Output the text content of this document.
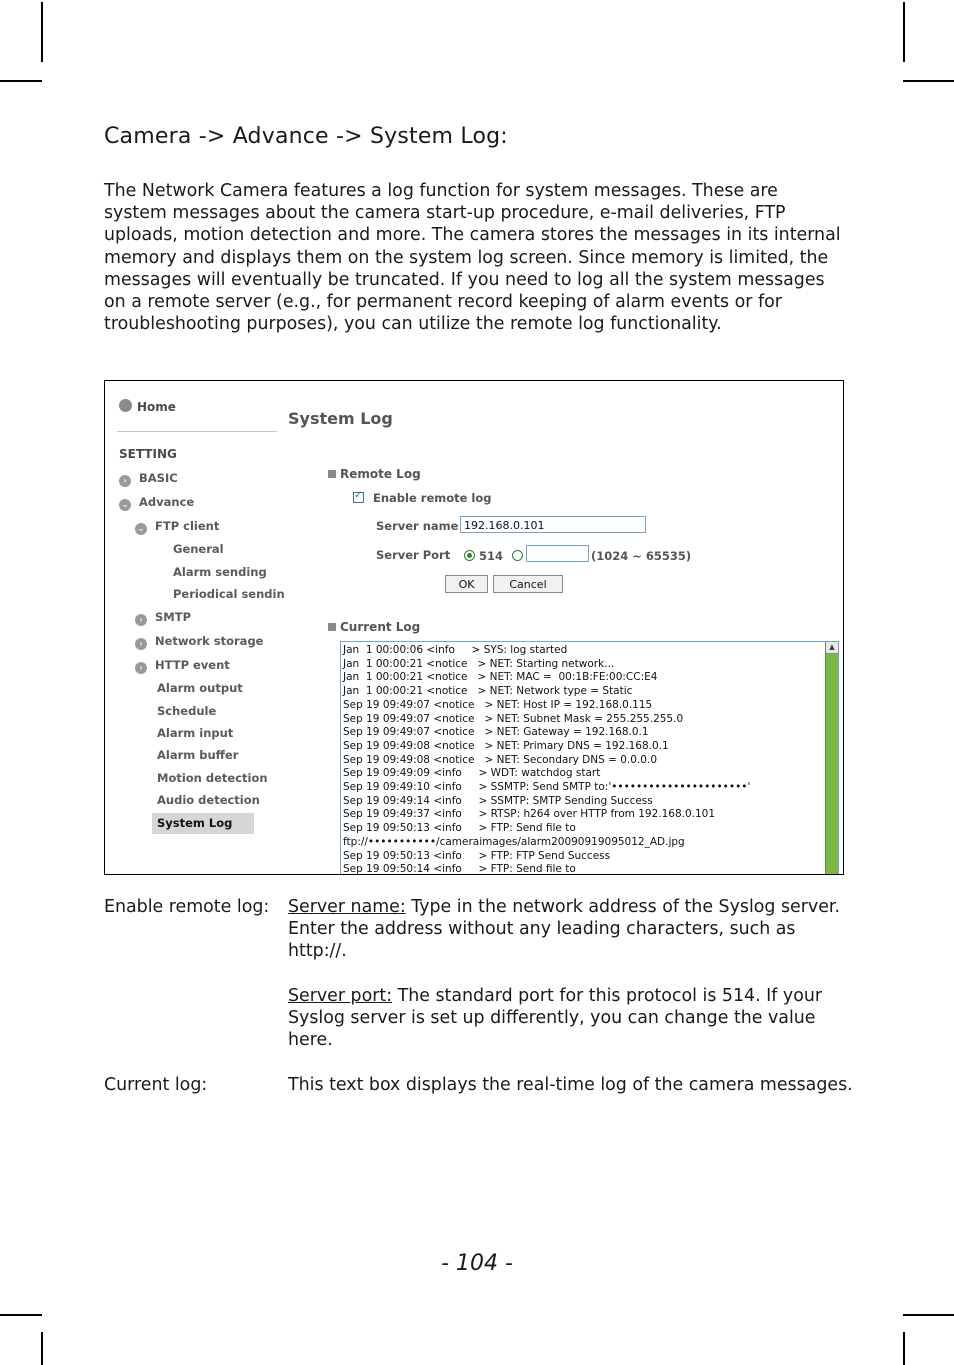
Camera -> Advance -> System Log:

The Network Camera features a log function for system messages. These are system messages about the camera start-up procedure, e-mail deliveries, FTP uploads, motion detection and more. The camera stores the messages in its internal memory and displays them on the system log screen. Since memory is limited, the messages will eventually be truncated. If you need to log all the system messages on a remote server (e.g., for permanent record keeping of alarm events or for troubleshooting purposes), you can utilize the remote log functionality.

Home
SETTING
› BASIC
⌄ Advance
⌄ FTP client
General
Alarm sending
Periodical sendin
› SMTP
› Network storage
› HTTP event
Alarm output
Schedule
Alarm input
Alarm buffer
Motion detection
Audio detection
System Log
System Log
Remote Log
✓Enable remote log
Server name 192.168.0.101
Server Port	514	(1024 ~ 65535)
OK	Cancel
Current Log
Jan  1 00:00:06 <info     > SYS: log started
Jan  1 00:00:21 <notice   > NET: Starting network...
Jan  1 00:00:21 <notice   > NET: MAC =  00:1B:FE:00:CC:E4
Jan  1 00:00:21 <notice   > NET: Network type = Static
Sep 19 09:49:07 <notice   > NET: Host IP = 192.168.0.115
Sep 19 09:49:07 <notice   > NET: Subnet Mask = 255.255.255.0
Sep 19 09:49:07 <notice   > NET: Gateway = 192.168.0.1
Sep 19 09:49:08 <notice   > NET: Primary DNS = 192.168.0.1
Sep 19 09:49:08 <notice   > NET: Secondary DNS = 0.0.0.0
Sep 19 09:49:09 <info     > WDT: watchdog start
Sep 19 09:49:10 <info     > SSMTP: Send SMTP to:'••••••••••••••••••••••'
Sep 19 09:49:14 <info     > SSMTP: SMTP Sending Success
Sep 19 09:49:37 <info     > RTSP: h264 over HTTP from 192.168.0.101
Sep 19 09:50:13 <info     > FTP: Send file to
ftp://•••••••••••/cameraimages/alarm20090919095012_AD.jpg
Sep 19 09:50:13 <info     > FTP: FTP Send Success
Sep 19 09:50:14 <info     > FTP: Send file to
▲
Enable remote log: Server name: Type in the network address of the Syslog server. Enter the address without any leading characters, such as http://.

Server port: The standard port for this protocol is 514. If your Syslog server is set up differently, you can change the value here.

Current log:	This text box displays the real-time log of the camera messages.

- 104 -
